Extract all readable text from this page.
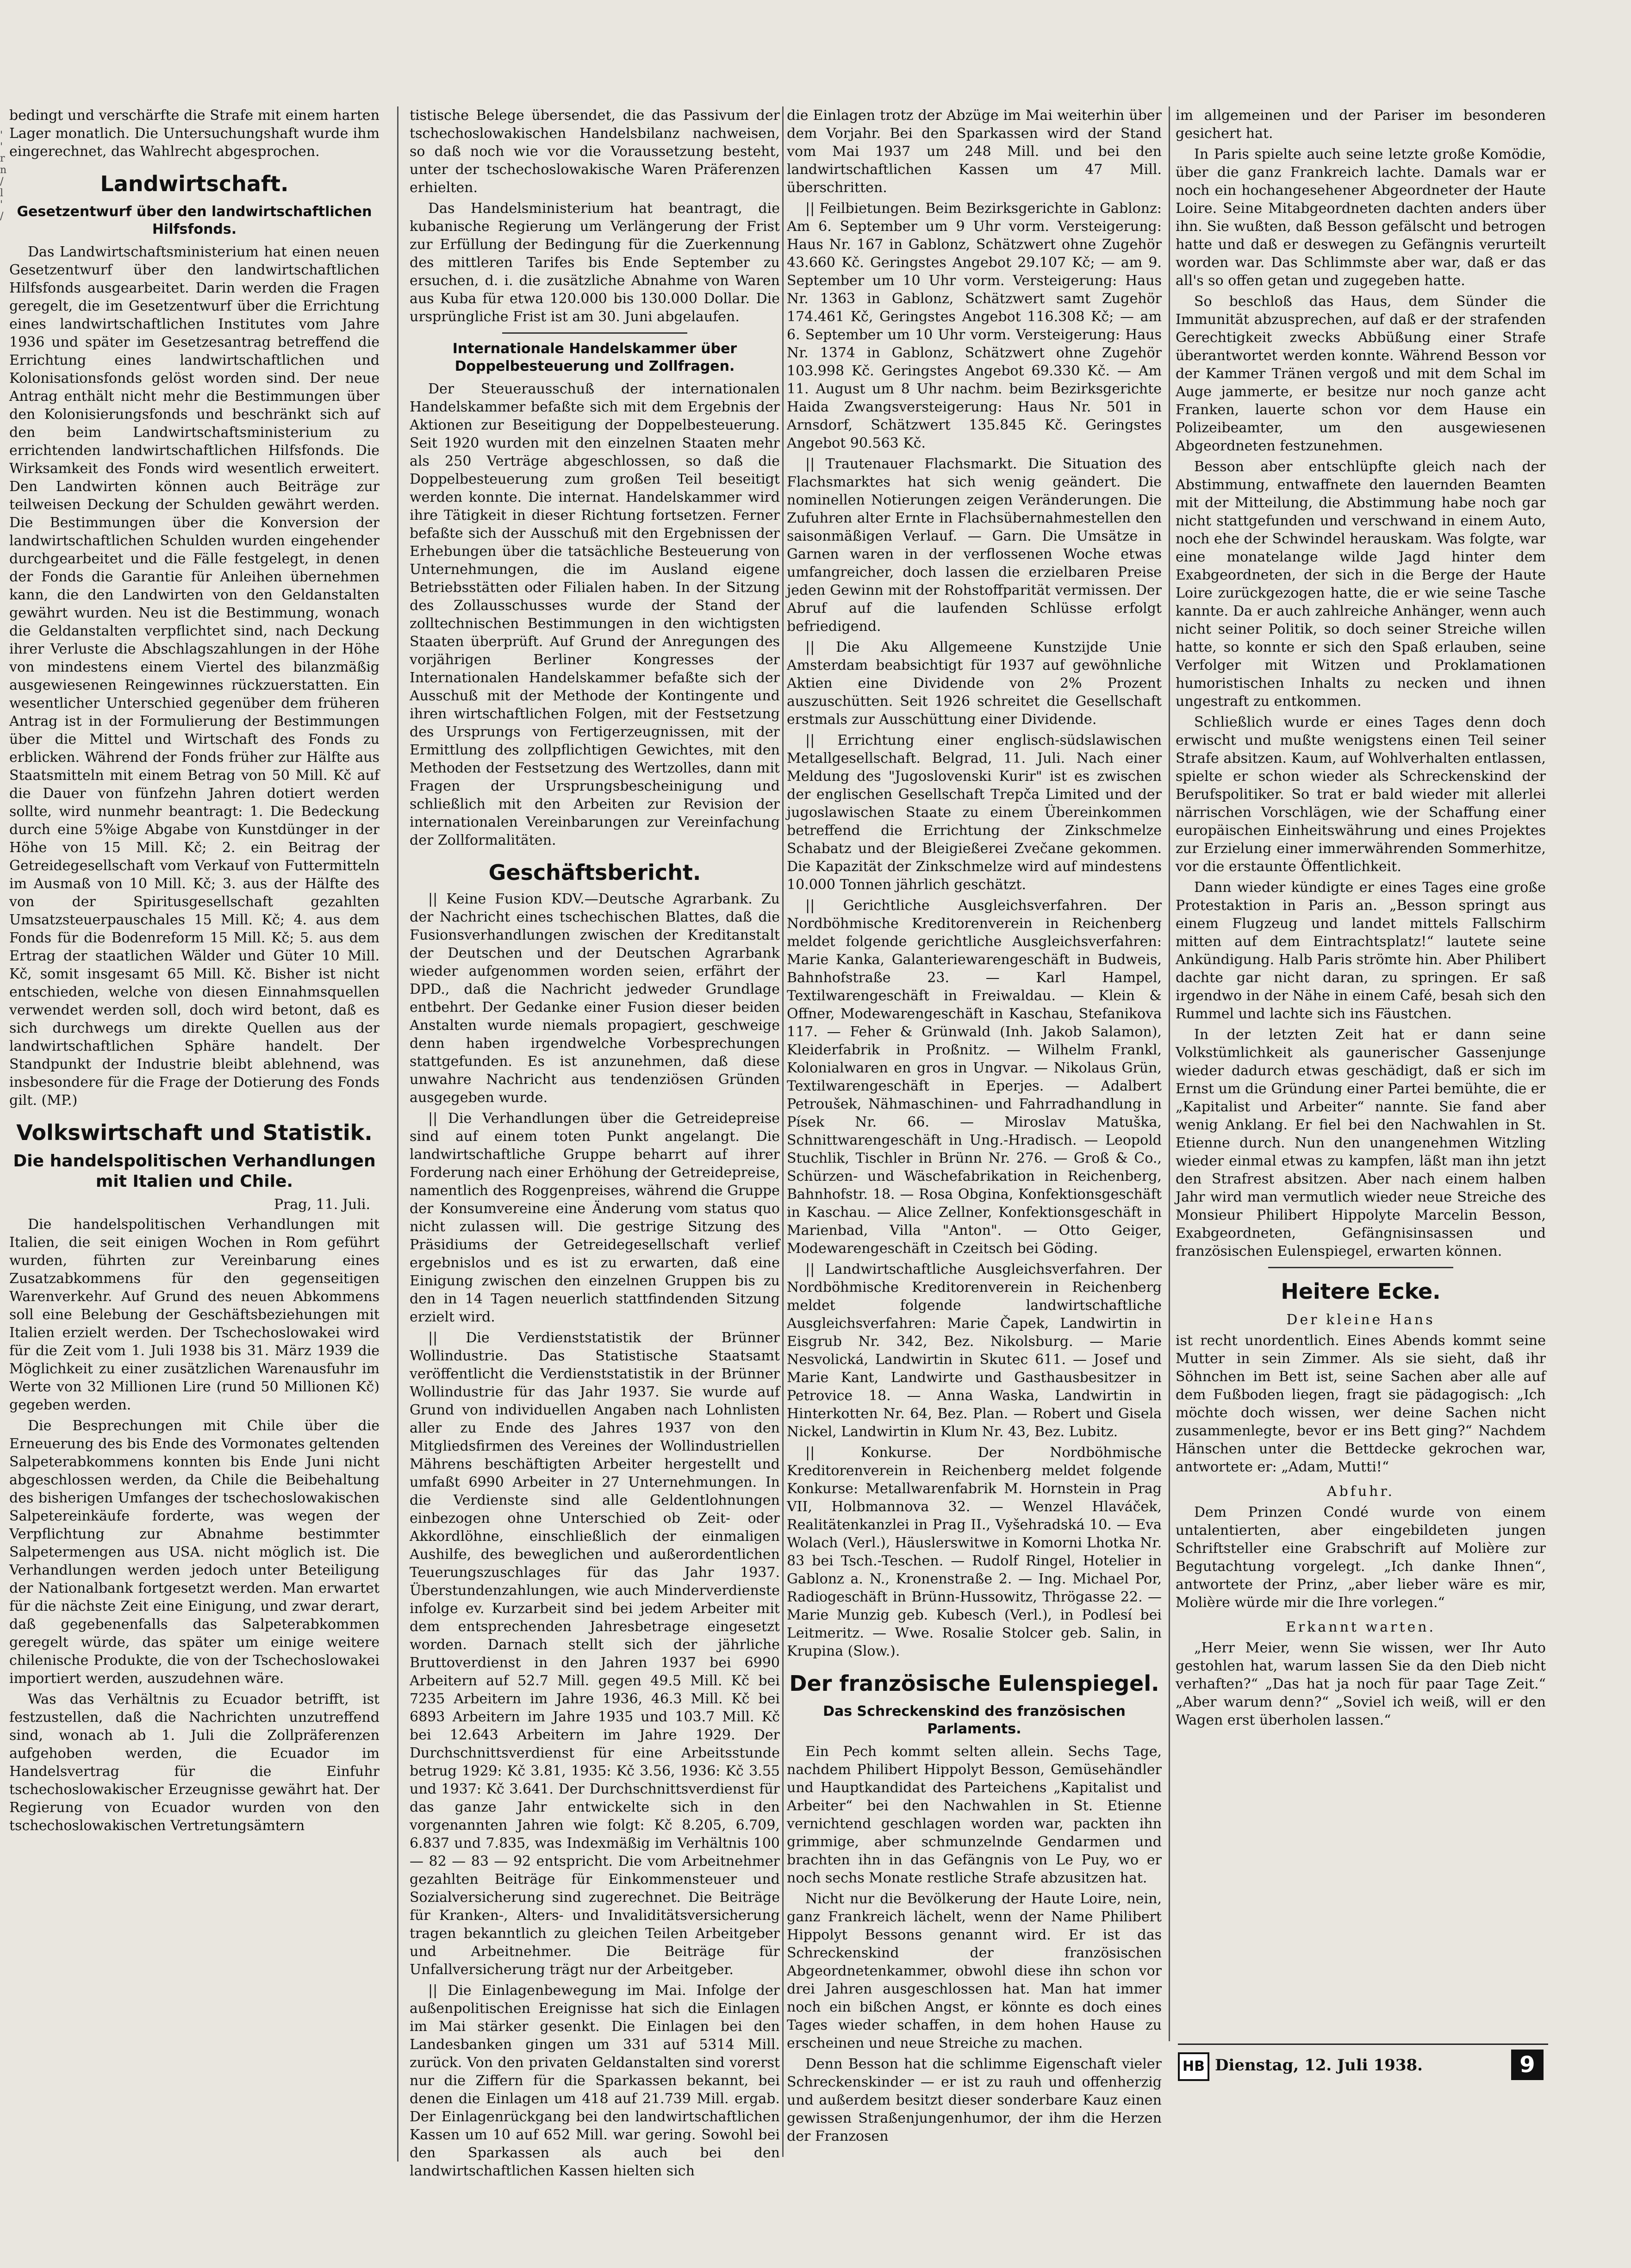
' ' r n / l ' /

bedingt und verschärfte die Strafe mit einem harten Lager monatlich. Die Untersuchungshaft wurde ihm eingerechnet, das Wahlrecht abgesprochen.

Landwirtschaft.
Gesetzentwurf über den landwirtschaftlichen Hilfsfonds.

Das Landwirtschaftsministerium hat einen neuen Gesetzentwurf über den landwirtschaftlichen Hilfsfonds ausgearbeitet. Darin werden die Fragen geregelt, die im Gesetzentwurf über die Errichtung eines landwirtschaftlichen Institutes vom Jahre 1936 und später im Gesetzesantrag betreffend die Errichtung eines landwirtschaftlichen und Kolonisationsfonds gelöst worden sind. Der neue Antrag enthält nicht mehr die Bestimmungen über den Kolonisierungsfonds und beschränkt sich auf den beim Landwirtschaftsministerium zu errichtenden landwirtschaftlichen Hilfsfonds. Die Wirksamkeit des Fonds wird wesentlich erweitert. Den Landwirten können auch Beiträge zur teilweisen Deckung der Schulden gewährt werden. Die Bestimmungen über die Konversion der landwirtschaftlichen Schulden wurden eingehender durchgearbeitet und die Fälle festgelegt, in denen der Fonds die Garantie für Anleihen übernehmen kann, die den Landwirten von den Geldanstalten gewährt wurden. Neu ist die Bestimmung, wonach die Geldanstalten verpflichtet sind, nach Deckung ihrer Verluste die Abschlagszahlungen in der Höhe von mindestens einem Viertel des bilanzmäßig ausgewiesenen Reingewinnes rückzuerstatten. Ein wesentlicher Unterschied gegenüber dem früheren Antrag ist in der Formulierung der Bestimmungen über die Mittel und Wirtschaft des Fonds zu erblicken. Während der Fonds früher zur Hälfte aus Staatsmitteln mit einem Betrag von 50 Mill. Kč auf die Dauer von fünfzehn Jahren dotiert werden sollte, wird nunmehr beantragt: 1. Die Bedeckung durch eine 5%ige Abgabe von Kunstdünger in der Höhe von 15 Mill. Kč; 2. ein Beitrag der Getreidegesellschaft vom Verkauf von Futtermitteln im Ausmaß von 10 Mill. Kč; 3. aus der Hälfte des von der Spiritusgesellschaft gezahlten Umsatzsteuerpauschales 15 Mill. Kč; 4. aus dem Fonds für die Bodenreform 15 Mill. Kč; 5. aus dem Ertrag der staatlichen Wälder und Güter 10 Mill. Kč, somit insgesamt 65 Mill. Kč. Bisher ist nicht entschieden, welche von diesen Einnahmsquellen verwendet werden soll, doch wird betont, daß es sich durchwegs um direkte Quellen aus der landwirtschaftlichen Sphäre handelt. Der Standpunkt der Industrie bleibt ablehnend, was insbesondere für die Frage der Dotierung des Fonds gilt. (MP.)

Volkswirtschaft und Statistik.
Die handelspolitischen Verhandlungen mit Italien und Chile.
Prag, 11. Juli.

Die handelspolitischen Verhandlungen mit Italien, die seit einigen Wochen in Rom geführt wurden, führten zur Vereinbarung eines Zusatzabkommens für den gegenseitigen Warenverkehr. Auf Grund des neuen Abkommens soll eine Belebung der Geschäftsbeziehungen mit Italien erzielt werden. Der Tschechoslowakei wird für die Zeit vom 1. Juli 1938 bis 31. März 1939 die Möglichkeit zu einer zusätzlichen Warenausfuhr im Werte von 32 Millionen Lire (rund 50 Millionen Kč) gegeben werden.

Die Besprechungen mit Chile über die Erneuerung des bis Ende des Vormonates geltenden Salpeterabkommens konnten bis Ende Juni nicht abgeschlossen werden, da Chile die Beibehaltung des bisherigen Umfanges der tschechoslowakischen Salpetereinkäufe forderte, was wegen der Verpflichtung zur Abnahme bestimmter Salpetermengen aus USA. nicht möglich ist. Die Verhandlungen werden jedoch unter Beteiligung der Nationalbank fortgesetzt werden. Man erwartet für die nächste Zeit eine Einigung, und zwar derart, daß gegebenenfalls das Salpeterabkommen geregelt würde, das später um einige weitere chilenische Produkte, die von der Tschechoslowakei importiert werden, auszudehnen wäre.

Was das Verhältnis zu Ecuador betrifft, ist festzustellen, daß die Nachrichten unzutreffend sind, wonach ab 1. Juli die Zollpräferenzen aufgehoben werden, die Ecuador im Handelsvertrag für die Einfuhr tschechoslowakischer Erzeugnisse gewährt hat. Der Regierung von Ecuador wurden von den tschechoslowakischen Vertretungsämtern

tistische Belege übersendet, die das Passivum der tschechoslowakischen Handelsbilanz nachweisen, so daß noch wie vor die Voraussetzung besteht, unter der tschechoslowakische Waren Präferenzen erhielten.

Das Handelsministerium hat beantragt, die kubanische Regierung um Verlängerung der Frist zur Erfüllung der Bedingung für die Zuerkennung des mittleren Tarifes bis Ende September zu ersuchen, d. i. die zusätzliche Abnahme von Waren aus Kuba für etwa 120.000 bis 130.000 Dollar. Die ursprüngliche Frist ist am 30. Juni abgelaufen.

Internationale Handelskammer über Doppelbesteuerung und Zollfragen.

Der Steuerausschuß der internationalen Handelskammer befaßte sich mit dem Ergebnis der Aktionen zur Beseitigung der Doppelbesteuerung. Seit 1920 wurden mit den einzelnen Staaten mehr als 250 Verträge abgeschlossen, so daß die Doppelbesteuerung zum großen Teil beseitigt werden konnte. Die internat. Handelskammer wird ihre Tätigkeit in dieser Richtung fortsetzen. Ferner befaßte sich der Ausschuß mit den Ergebnissen der Erhebungen über die tatsächliche Besteuerung von Unternehmungen, die im Ausland eigene Betriebsstätten oder Filialen haben. In der Sitzung des Zollausschusses wurde der Stand der zolltechnischen Bestimmungen in den wichtigsten Staaten überprüft. Auf Grund der Anregungen des vorjährigen Berliner Kongresses der Internationalen Handelskammer befaßte sich der Ausschuß mit der Methode der Kontingente und ihren wirtschaftlichen Folgen, mit der Festsetzung des Ursprungs von Fertigerzeugnissen, mit der Ermittlung des zollpflichtigen Gewichtes, mit den Methoden der Festsetzung des Wertzolles, dann mit Fragen der Ursprungsbescheinigung und schließlich mit den Arbeiten zur Revision der internationalen Vereinbarungen zur Vereinfachung der Zollformalitäten.

Geschäftsbericht.

|| Keine Fusion KDV.—Deutsche Agrarbank. Zu der Nachricht eines tschechischen Blattes, daß die Fusionsverhandlungen zwischen der Kreditanstalt der Deutschen und der Deutschen Agrarbank wieder aufgenommen worden seien, erfährt der DPD., daß die Nachricht jedweder Grundlage entbehrt. Der Gedanke einer Fusion dieser beiden Anstalten wurde niemals propagiert, geschweige denn haben irgendwelche Vorbesprechungen stattgefunden. Es ist anzunehmen, daß diese unwahre Nachricht aus tendenziösen Gründen ausgegeben wurde.

|| Die Verhandlungen über die Getreidepreise sind auf einem toten Punkt angelangt. Die landwirtschaftliche Gruppe beharrt auf ihrer Forderung nach einer Erhöhung der Getreidepreise, namentlich des Roggenpreises, während die Gruppe der Konsumvereine eine Änderung vom status quo nicht zulassen will. Die gestrige Sitzung des Präsidiums der Getreidegesellschaft verlief ergebnislos und es ist zu erwarten, daß eine Einigung zwischen den einzelnen Gruppen bis zu den in 14 Tagen neuerlich stattfindenden Sitzung erzielt wird.

|| Die Verdienststatistik der Brünner Wollindustrie. Das Statistische Staatsamt veröffentlicht die Verdienststatistik in der Brünner Wollindustrie für das Jahr 1937. Sie wurde auf Grund von individuellen Angaben nach Lohnlisten aller zu Ende des Jahres 1937 von den Mitgliedsfirmen des Vereines der Wollindustriellen Mährens beschäftigten Arbeiter hergestellt und umfaßt 6990 Arbeiter in 27 Unternehmungen. In die Verdienste sind alle Geldentlohnungen einbezogen ohne Unterschied ob Zeit- oder Akkordlöhne, einschließlich der einmaligen Aushilfe, des beweglichen und außerordentlichen Teuerungszuschlages für das Jahr 1937. Überstundenzahlungen, wie auch Minderverdienste infolge ev. Kurzarbeit sind bei jedem Arbeiter mit dem entsprechenden Jahresbetrage eingesetzt worden. Darnach stellt sich der jährliche Bruttoverdienst in den Jahren 1937 bei 6990 Arbeitern auf 52.7 Mill. gegen 49.5 Mill. Kč bei 7235 Arbeitern im Jahre 1936, 46.3 Mill. Kč bei 6893 Arbeitern im Jahre 1935 und 103.7 Mill. Kč bei 12.643 Arbeitern im Jahre 1929. Der Durchschnittsverdienst für eine Arbeitsstunde betrug 1929: Kč 3.81, 1935: Kč 3.56, 1936: Kč 3.55 und 1937: Kč 3.641. Der Durchschnittsverdienst für das ganze Jahr entwickelte sich in den vorgenannten Jahren wie folgt: Kč 8.205, 6.709, 6.837 und 7.835, was Indexmäßig im Verhältnis 100 — 82 — 83 — 92 entspricht. Die vom Arbeitnehmer gezahlten Beiträge für Einkommensteuer und Sozialversicherung sind zugerechnet. Die Beiträge für Kranken-, Alters- und Invaliditätsversicherung tragen bekanntlich zu gleichen Teilen Arbeitgeber und Arbeitnehmer. Die Beiträge für Unfallversicherung trägt nur der Arbeitgeber.

|| Die Einlagenbewegung im Mai. Infolge der außenpolitischen Ereignisse hat sich die Einlagen im Mai stärker gesenkt. Die Einlagen bei den Landesbanken gingen um 331 auf 5314 Mill. zurück. Von den privaten Geldanstalten sind vorerst nur die Ziffern für die Sparkassen bekannt, bei denen die Einlagen um 418 auf 21.739 Mill. ergab. Der Einlagenrückgang bei den landwirtschaftlichen Kassen um 10 auf 652 Mill. war gering. Sowohl bei den Sparkassen als auch bei den landwirtschaftlichen Kassen hielten sich

die Einlagen trotz der Abzüge im Mai weiterhin über dem Vorjahr. Bei den Sparkassen wird der Stand vom Mai 1937 um 248 Mill. und bei den landwirtschaftlichen Kassen um 47 Mill. überschritten.

|| Feilbietungen. Beim Bezirksgerichte in Gablonz: Am 6. September um 9 Uhr vorm. Versteigerung: Haus Nr. 167 in Gablonz, Schätzwert ohne Zugehör 43.660 Kč. Geringstes Angebot 29.107 Kč; — am 9. September um 10 Uhr vorm. Versteigerung: Haus Nr. 1363 in Gablonz, Schätzwert samt Zugehör 174.461 Kč, Geringstes Angebot 116.308 Kč; — am 6. September um 10 Uhr vorm. Versteigerung: Haus Nr. 1374 in Gablonz, Schätzwert ohne Zugehör 103.998 Kč. Geringstes Angebot 69.330 Kč. — Am 11. August um 8 Uhr nachm. beim Bezirksgerichte Haida Zwangsversteigerung: Haus Nr. 501 in Arnsdorf, Schätzwert 135.845 Kč. Geringstes Angebot 90.563 Kč.

|| Trautenauer Flachsmarkt. Die Situation des Flachsmarktes hat sich wenig geändert. Die nominellen Notierungen zeigen Veränderungen. Die Zufuhren alter Ernte in Flachsübernahmestellen den saisonmäßigen Verlauf. — Garn. Die Umsätze in Garnen waren in der verflossenen Woche etwas umfangreicher, doch lassen die erzielbaren Preise jeden Gewinn mit der Rohstoffparität vermissen. Der Abruf auf die laufenden Schlüsse erfolgt befriedigend.

|| Die Aku Allgemeene Kunstzijde Unie Amsterdam beabsichtigt für 1937 auf gewöhnliche Aktien eine Dividende von 2% Prozent auszuschütten. Seit 1926 schreitet die Gesellschaft erstmals zur Ausschüttung einer Dividende.

|| Errichtung einer englisch-südslawischen Metallgesellschaft. Belgrad, 11. Juli. Nach einer Meldung des "Jugoslovenski Kurir" ist es zwischen der englischen Gesellschaft Trepča Limited und der jugoslawischen Staate zu einem Übereinkommen betreffend die Errichtung der Zinkschmelze Schabatz und der Bleigießerei Zvečane gekommen. Die Kapazität der Zinkschmelze wird auf mindestens 10.000 Tonnen jährlich geschätzt.

|| Gerichtliche Ausgleichsverfahren. Der Nordböhmische Kreditorenverein in Reichenberg meldet folgende gerichtliche Ausgleichsverfahren: Marie Kanka, Galanteriewarengeschäft in Budweis, Bahnhofstraße 23. — Karl Hampel, Textilwarengeschäft in Freiwaldau. — Klein & Offner, Modewarengeschäft in Kaschau, Stefanikova 117. — Feher & Grünwald (Inh. Jakob Salamon), Kleiderfabrik in Proßnitz. — Wilhelm Frankl, Kolonialwaren en gros in Ungvar. — Nikolaus Grün, Textilwarengeschäft in Eperjes. — Adalbert Petroušek, Nähmaschinen- und Fahrradhandlung in Písek Nr. 66. — Miroslav Matuška, Schnittwarengeschäft in Ung.-Hradisch. — Leopold Stuchlik, Tischler in Brünn Nr. 276. — Groß & Co., Schürzen- und Wäschefabrikation in Reichenberg, Bahnhofstr. 18. — Rosa Obgina, Konfektionsgeschäft in Kaschau. — Alice Zellner, Konfektionsgeschäft in Marienbad, Villa "Anton". — Otto Geiger, Modewarengeschäft in Czeitsch bei Göding.

|| Landwirtschaftliche Ausgleichsverfahren. Der Nordböhmische Kreditorenverein in Reichenberg meldet folgende landwirtschaftliche Ausgleichsverfahren: Marie Čapek, Landwirtin in Eisgrub Nr. 342, Bez. Nikolsburg. — Marie Nesvolická, Landwirtin in Skutec 611. — Josef und Marie Kant, Landwirte und Gasthausbesitzer in Petrovice 18. — Anna Waska, Landwirtin in Hinterkotten Nr. 64, Bez. Plan. — Robert und Gisela Nickel, Landwirtin in Klum Nr. 43, Bez. Lubitz.

|| Konkurse. Der Nordböhmische Kreditorenverein in Reichenberg meldet folgende Konkurse: Metallwarenfabrik M. Hornstein in Prag VII, Holbmannova 32. — Wenzel Hlaváček, Realitätenkanzlei in Prag II., Vyšehradská 10. — Eva Wolach (Verl.), Häuslerswitwe in Komorni Lhotka Nr. 83 bei Tsch.-Teschen. — Rudolf Ringel, Hotelier in Gablonz a. N., Kronenstraße 2. — Ing. Michael Por, Radiogeschäft in Brünn-Hussowitz, Thrögasse 22. — Marie Munzig geb. Kubesch (Verl.), in Podlesí bei Leitmeritz. — Wwe. Rosalie Stolcer geb. Salin, in Krupina (Slow.).

Der französische Eulenspiegel.
Das Schreckenskind des französischen Parlaments.

Ein Pech kommt selten allein. Sechs Tage, nachdem Philibert Hippolyt Besson, Gemüsehändler und Hauptkandidat des Parteichens „Kapitalist und Arbeiter“ bei den Nachwahlen in St. Etienne vernichtend geschlagen worden war, packten ihn grimmige, aber schmunzelnde Gendarmen und brachten ihn in das Gefängnis von Le Puy, wo er noch sechs Monate restliche Strafe abzusitzen hat.

Nicht nur die Bevölkerung der Haute Loire, nein, ganz Frankreich lächelt, wenn der Name Philibert Hippolyt Bessons genannt wird. Er ist das Schreckenskind der französischen Abgeordnetenkammer, obwohl diese ihn schon vor drei Jahren ausgeschlossen hat. Man hat immer noch ein bißchen Angst, er könnte es doch eines Tages wieder schaffen, in dem hohen Hause zu erscheinen und neue Streiche zu machen.

Denn Besson hat die schlimme Eigenschaft vieler Schreckenskinder — er ist zu rauh und offenherzig und außerdem besitzt dieser sonderbare Kauz einen gewissen Straßenjungenhumor, der ihm die Herzen der Franzosen

im allgemeinen und der Pariser im besonderen gesichert hat.

In Paris spielte auch seine letzte große Komödie, über die ganz Frankreich lachte. Damals war er noch ein hochangesehener Abgeordneter der Haute Loire. Seine Mitabgeordneten dachten anders über ihn. Sie wußten, daß Besson gefälscht und betrogen hatte und daß er deswegen zu Gefängnis verurteilt worden war. Das Schlimmste aber war, daß er das all's so offen getan und zugegeben hatte.

So beschloß das Haus, dem Sünder die Immunität abzusprechen, auf daß er der strafenden Gerechtigkeit zwecks Abbüßung einer Strafe überantwortet werden konnte. Während Besson vor der Kammer Tränen vergoß und mit dem Schal im Auge jammerte, er besitze nur noch ganze acht Franken, lauerte schon vor dem Hause ein Polizeibeamter, um den ausgewiesenen Abgeordneten festzunehmen.

Besson aber entschlüpfte gleich nach der Abstimmung, entwaffnete den lauernden Beamten mit der Mitteilung, die Abstimmung habe noch gar nicht stattgefunden und verschwand in einem Auto, noch ehe der Schwindel herauskam. Was folgte, war eine monatelange wilde Jagd hinter dem Exabgeordneten, der sich in die Berge der Haute Loire zurückgezogen hatte, die er wie seine Tasche kannte. Da er auch zahlreiche Anhänger, wenn auch nicht seiner Politik, so doch seiner Streiche willen hatte, so konnte er sich den Spaß erlauben, seine Verfolger mit Witzen und Proklamationen humoristischen Inhalts zu necken und ihnen ungestraft zu entkommen.

Schließlich wurde er eines Tages denn doch erwischt und mußte wenigstens einen Teil seiner Strafe absitzen. Kaum, auf Wohlverhalten entlassen, spielte er schon wieder als Schreckenskind der Berufspolitiker. So trat er bald wieder mit allerlei närrischen Vorschlägen, wie der Schaffung einer europäischen Einheitswährung und eines Projektes zur Erzielung einer immerwährenden Sommerhitze, vor die erstaunte Öffentlichkeit.

Dann wieder kündigte er eines Tages eine große Protestaktion in Paris an. „Besson springt aus einem Flugzeug und landet mittels Fallschirm mitten auf dem Eintrachtsplatz!“ lautete seine Ankündigung. Halb Paris strömte hin. Aber Philibert dachte gar nicht daran, zu springen. Er saß irgendwo in der Nähe in einem Café, besah sich den Rummel und lachte sich ins Fäustchen.

In der letzten Zeit hat er dann seine Volkstümlichkeit als gaunerischer Gassenjunge wieder dadurch etwas geschädigt, daß er sich im Ernst um die Gründung einer Partei bemühte, die er „Kapitalist und Arbeiter“ nannte. Sie fand aber wenig Anklang. Er fiel bei den Nachwahlen in St. Etienne durch. Nun den unangenehmen Witzling wieder einmal etwas zu kampfen, läßt man ihn jetzt den Strafrest absitzen. Aber nach einem halben Jahr wird man vermutlich wieder neue Streiche des Monsieur Philibert Hippolyte Marcelin Besson, Exabgeordneten, Gefängnisinsassen und französischen Eulenspiegel, erwarten können.

Heitere Ecke.
Der kleine Hans

ist recht unordentlich. Eines Abends kommt seine Mutter in sein Zimmer. Als sie sieht, daß ihr Söhnchen im Bett ist, seine Sachen aber alle auf dem Fußboden liegen, fragt sie pädagogisch: „Ich möchte doch wissen, wer deine Sachen nicht zusammenlegte, bevor er ins Bett ging?“ Nachdem Hänschen unter die Bettdecke gekrochen war, antwortete er: „Adam, Mutti!“

Abfuhr.

Dem Prinzen Condé wurde von einem untalentierten, aber eingebildeten jungen Schriftsteller eine Grabschrift auf Molière zur Begutachtung vorgelegt. „Ich danke Ihnen“, antwortete der Prinz, „aber lieber wäre es mir, Molière würde mir die Ihre vorlegen.“

Erkannt warten.

„Herr Meier, wenn Sie wissen, wer Ihr Auto gestohlen hat, warum lassen Sie da den Dieb nicht verhaften?“ „Das hat ja noch für paar Tage Zeit.“ „Aber warum denn?“ „Soviel ich weiß, will er den Wagen erst überholen lassen.“

HB Dienstag, 12. Juli 1938.	9
